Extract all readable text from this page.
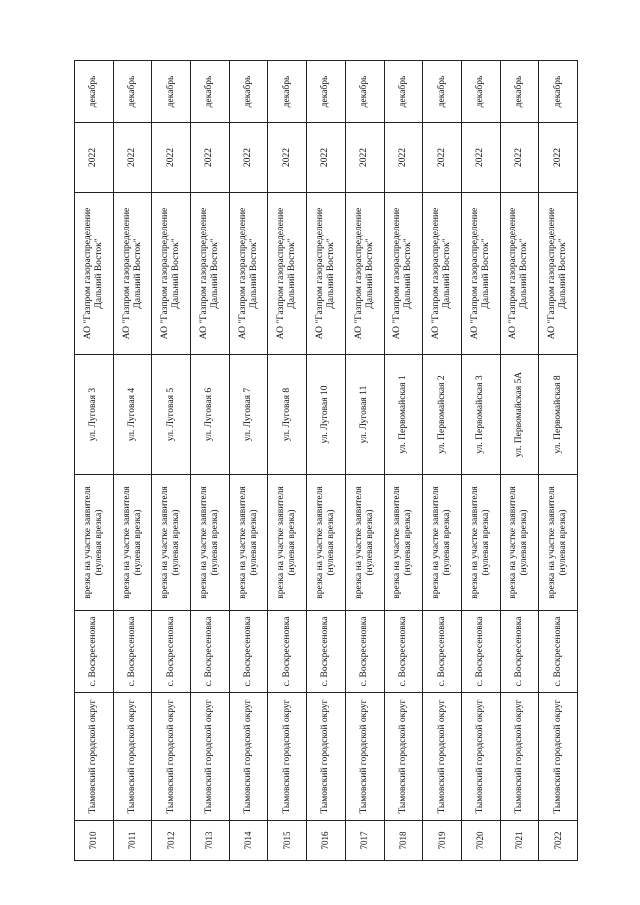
7010	Тымовский городской округ	с. Воскресеновка	врезка на участке заявителя (нулевая врезка)	ул. Луговая 3	АО "Газпром газораспределение Дальний Восток"	2022	декабрь
7011	Тымовский городской округ	с. Воскресеновка	врезка на участке заявителя (нулевая врезка)	ул. Луговая 4	АО "Газпром газораспределение Дальний Восток"	2022	декабрь
7012	Тымовский городской округ	с. Воскресеновка	врезка на участке заявителя (нулевая врезка)	ул. Луговая 5	АО "Газпром газораспределение Дальний Восток"	2022	декабрь
7013	Тымовский городской округ	с. Воскресеновка	врезка на участке заявителя (нулевая врезка)	ул. Луговая 6	АО "Газпром газораспределение Дальний Восток"	2022	декабрь
7014	Тымовский городской округ	с. Воскресеновка	врезка на участке заявителя (нулевая врезка)	ул. Луговая 7	АО "Газпром газораспределение Дальний Восток"	2022	декабрь
7015	Тымовский городской округ	с. Воскресеновка	врезка на участке заявителя (нулевая врезка)	ул. Луговая 8	АО "Газпром газораспределение Дальний Восток"	2022	декабрь
7016	Тымовский городской округ	с. Воскресеновка	врезка на участке заявителя (нулевая врезка)	ул. Луговая 10	АО "Газпром газораспределение Дальний Восток"	2022	декабрь
7017	Тымовский городской округ	с. Воскресеновка	врезка на участке заявителя (нулевая врезка)	ул. Луговая 11	АО "Газпром газораспределение Дальний Восток"	2022	декабрь
7018	Тымовский городской округ	с. Воскресеновка	врезка на участке заявителя (нулевая врезка)	ул. Первомайская 1	АО "Газпром газораспределение Дальний Восток"	2022	декабрь
7019	Тымовский городской округ	с. Воскресеновка	врезка на участке заявителя (нулевая врезка)	ул. Первомайская 2	АО "Газпром газораспределение Дальний Восток"	2022	декабрь
7020	Тымовский городской округ	с. Воскресеновка	врезка на участке заявителя (нулевая врезка)	ул. Первомайская 3	АО "Газпром газораспределение Дальний Восток"	2022	декабрь
7021	Тымовский городской округ	с. Воскресеновка	врезка на участке заявителя (нулевая врезка)	ул. Первомайская 5А	АО "Газпром газораспределение Дальний Восток"	2022	декабрь
7022	Тымовский городской округ	с. Воскресеновка	врезка на участке заявителя (нулевая врезка)	ул. Первомайская 8	АО "Газпром газораспределение Дальний Восток"	2022	декабрь
